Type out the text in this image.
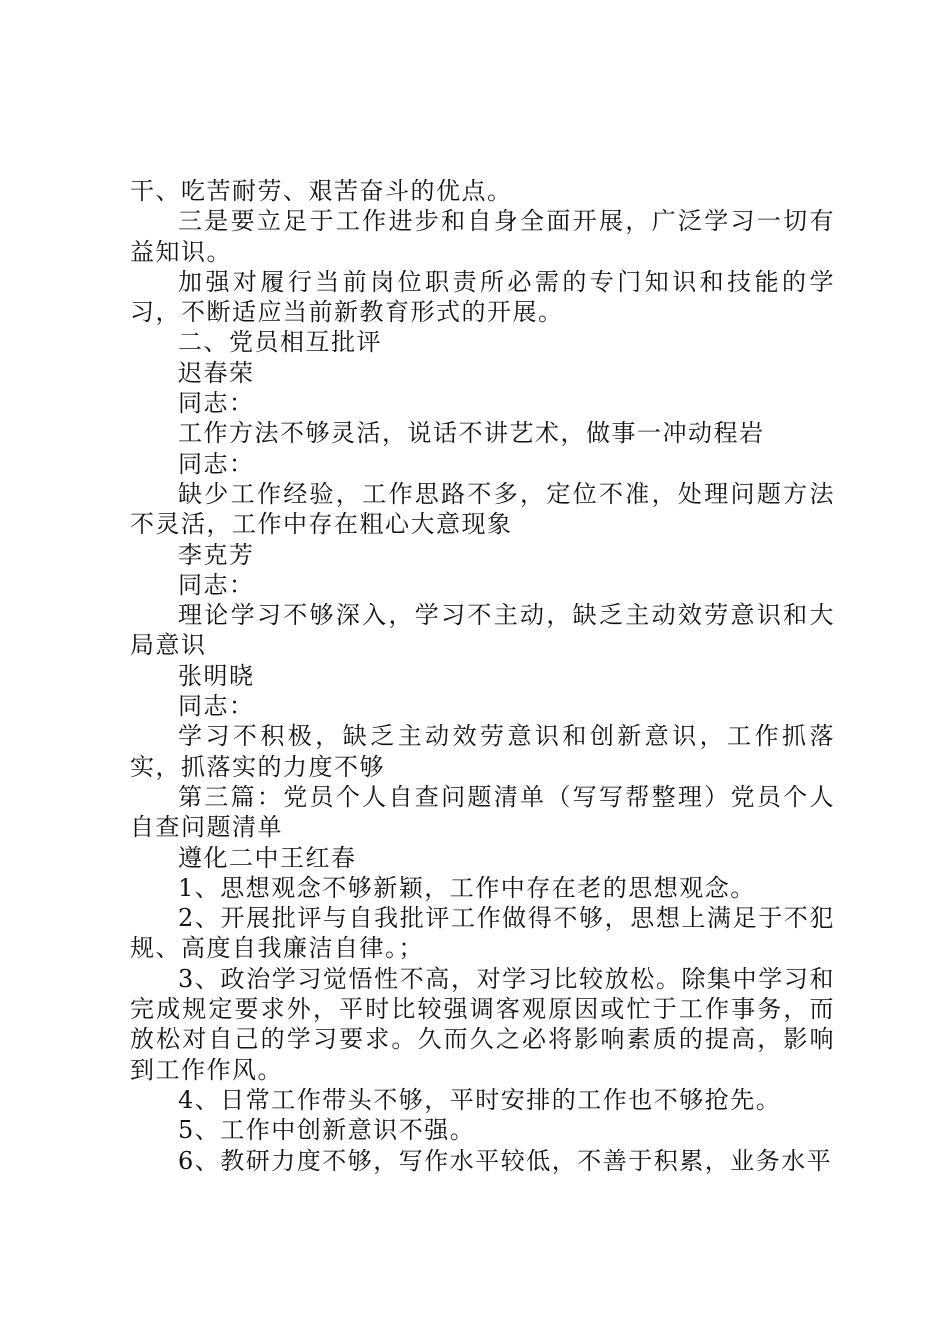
干、吃苦耐劳、艰苦奋斗的优点。

三是要立足于工作进步和自身全面开展，广泛学习一切有益知识。

加强对履行当前岗位职责所必需的专门知识和技能的学习，不断适应当前新教育形式的开展。

二、党员相互批评

迟春荣

同志：

工作方法不够灵活，说话不讲艺术，做事一冲动程岩

同志：

缺少工作经验，工作思路不多，定位不准，处理问题方法不灵活，工作中存在粗心大意现象

李克芳

同志：

理论学习不够深入，学习不主动，缺乏主动效劳意识和大局意识

张明晓

同志：

学习不积极，缺乏主动效劳意识和创新意识，工作抓落实，抓落实的力度不够

第三篇：党员个人自查问题清单（写写帮整理）党员个人自查问题清单

遵化二中王红春

1、思想观念不够新颖，工作中存在老的思想观念。

2、开展批评与自我批评工作做得不够，思想上满足于不犯规、高度自我廉洁自律。；

3、政治学习觉悟性不高，对学习比较放松。除集中学习和完成规定要求外，平时比较强调客观原因或忙于工作事务，而放松对自己的学习要求。久而久之必将影响素质的提高，影响到工作作风。

4、日常工作带头不够，平时安排的工作也不够抢先。

5、工作中创新意识不强。

6、教研力度不够，写作水平较低，不善于积累，业务水平
